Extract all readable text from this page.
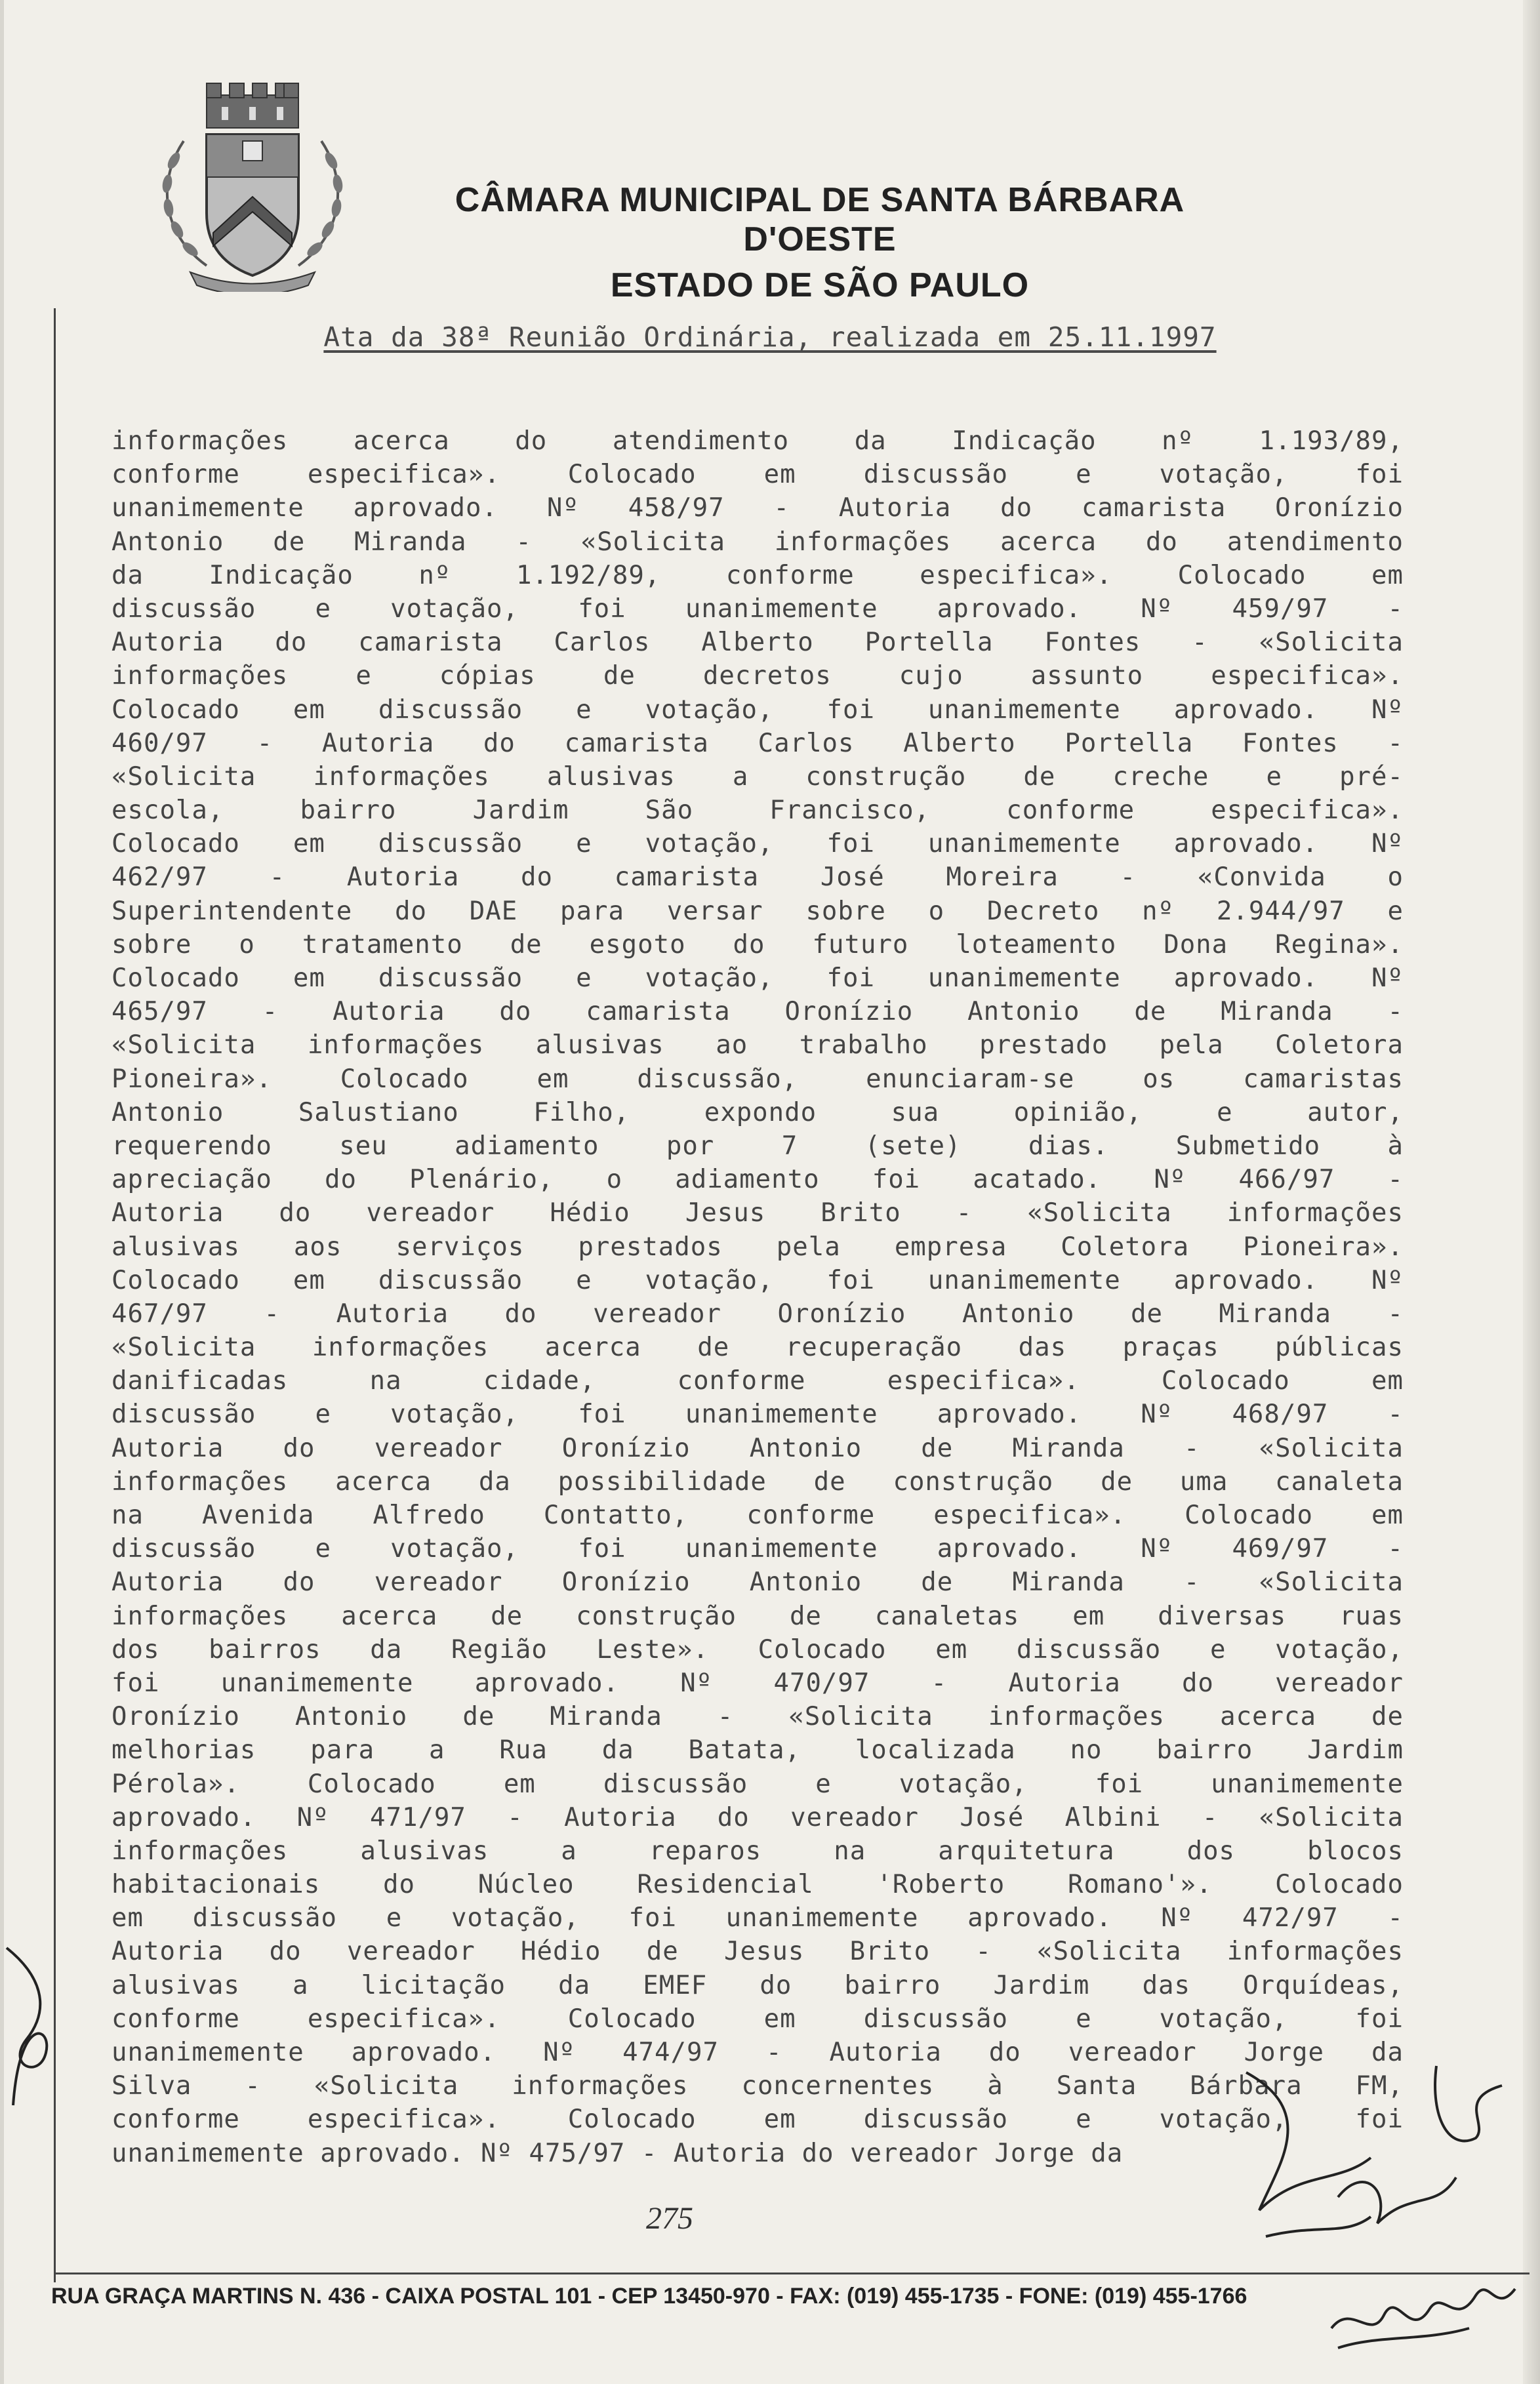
CÂMARA MUNICIPAL DE SANTA BÁRBARA D'OESTE
ESTADO DE SÃO PAULO
Ata da 38ª Reunião Ordinária, realizada em 25.11.1997
informações acerca do atendimento da Indicação nº 1.193/89,
conforme especifica». Colocado em discussão e votação, foi
unanimemente aprovado. Nº 458/97 - Autoria do camarista Oronízio
Antonio de Miranda - «Solicita informações acerca do atendimento
da Indicação nº 1.192/89, conforme especifica». Colocado em
discussão e votação, foi unanimemente aprovado. Nº 459/97 -
Autoria do camarista Carlos Alberto Portella Fontes - «Solicita
informações e cópias de decretos cujo assunto especifica».
Colocado em discussão e votação, foi unanimemente aprovado. Nº
460/97 - Autoria do camarista Carlos Alberto Portella Fontes -
«Solicita informações alusivas a construção de creche e pré-
escola, bairro Jardim São Francisco, conforme especifica».
Colocado em discussão e votação, foi unanimemente aprovado. Nº
462/97 - Autoria do camarista José Moreira - «Convida o
Superintendente do DAE para versar sobre o Decreto nº 2.944/97 e
sobre o tratamento de esgoto do futuro loteamento Dona Regina».
Colocado em discussão e votação, foi unanimemente aprovado. Nº
465/97 - Autoria do camarista Oronízio Antonio de Miranda -
«Solicita informações alusivas ao trabalho prestado pela Coletora
Pioneira». Colocado em discussão, enunciaram-se os camaristas
Antonio Salustiano Filho, expondo sua opinião, e autor,
requerendo seu adiamento por 7 (sete) dias. Submetido à
apreciação do Plenário, o adiamento foi acatado. Nº 466/97 -
Autoria do vereador Hédio Jesus Brito - «Solicita informações
alusivas aos serviços prestados pela empresa Coletora Pioneira».
Colocado em discussão e votação, foi unanimemente aprovado. Nº
467/97 - Autoria do vereador Oronízio Antonio de Miranda -
«Solicita informações acerca de recuperação das praças públicas
danificadas na cidade, conforme especifica». Colocado em
discussão e votação, foi unanimemente aprovado. Nº 468/97 -
Autoria do vereador Oronízio Antonio de Miranda - «Solicita
informações acerca da possibilidade de construção de uma canaleta
na Avenida Alfredo Contatto, conforme especifica». Colocado em
discussão e votação, foi unanimemente aprovado. Nº 469/97 -
Autoria do vereador Oronízio Antonio de Miranda - «Solicita
informações acerca de construção de canaletas em diversas ruas
dos bairros da Região Leste». Colocado em discussão e votação,
foi unanimemente aprovado. Nº 470/97 - Autoria do vereador
Oronízio Antonio de Miranda - «Solicita informações acerca de
melhorias para a Rua da Batata, localizada no bairro Jardim
Pérola». Colocado em discussão e votação, foi unanimemente
aprovado. Nº 471/97 - Autoria do vereador José Albini - «Solicita
informações alusivas a reparos na arquitetura dos blocos
habitacionais do Núcleo Residencial 'Roberto Romano'». Colocado
em discussão e votação, foi unanimemente aprovado. Nº 472/97 -
Autoria do vereador Hédio de Jesus Brito - «Solicita informações
alusivas a licitação da EMEF do bairro Jardim das Orquídeas,
conforme especifica». Colocado em discussão e votação, foi
unanimemente aprovado. Nº 474/97 - Autoria do vereador Jorge da
Silva - «Solicita informações concernentes à Santa Bárbara FM,
conforme especifica». Colocado em discussão e votação, foi
unanimemente aprovado. Nº 475/97 - Autoria do vereador Jorge da
275
RUA GRAÇA MARTINS N. 436 - CAIXA POSTAL 101 - CEP 13450-970 - FAX: (019) 455-1735 - FONE: (019) 455-1766
